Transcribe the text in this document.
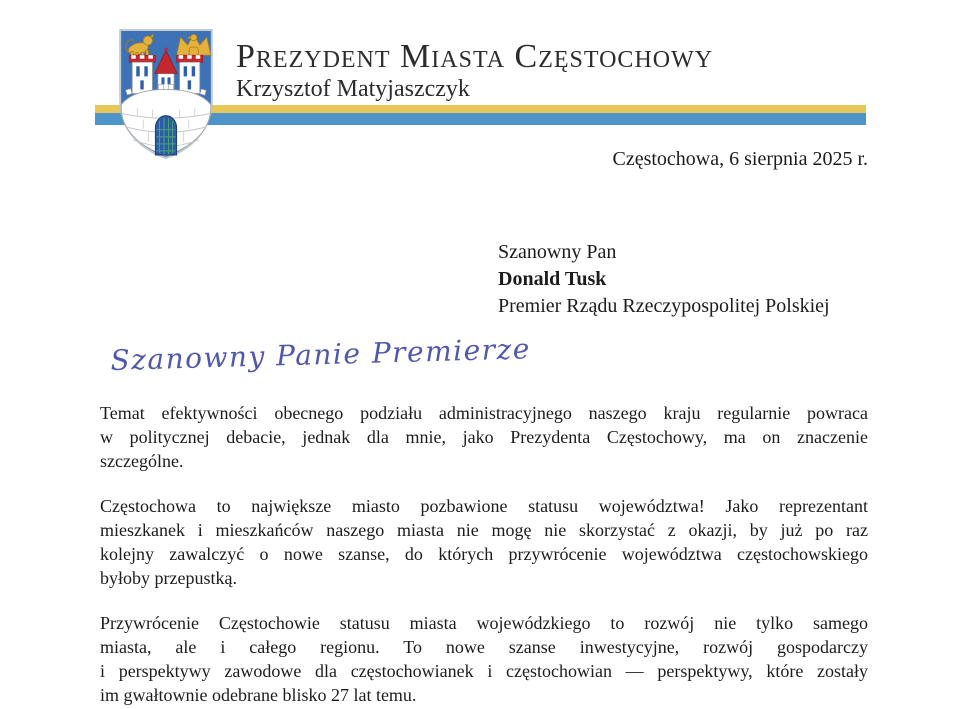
Prezydent Miasta Częstochowy
Krzysztof Matyjaszczyk
Częstochowa, 6 sierpnia 2025 r.
Szanowny Pan
Donald Tusk
Premier Rządu Rzeczypospolitej Polskiej
Szanowny Panie Premierze
Temat efektywności obecnego podziału administracyjnego naszego kraju regularnie powraca
w politycznej debacie, jednak dla mnie, jako Prezydenta Częstochowy, ma on znaczenie
szczególne.
Częstochowa to największe miasto pozbawione statusu województwa! Jako reprezentant
mieszkanek i mieszkańców naszego miasta nie mogę nie skorzystać z okazji, by już po raz
kolejny zawalczyć o nowe szanse, do których przywrócenie województwa częstochowskiego
byłoby przepustką.
Przywrócenie Częstochowie statusu miasta wojewódzkiego to rozwój nie tylko samego
miasta, ale i całego regionu. To nowe szanse inwestycyjne, rozwój gospodarczy
i perspektywy zawodowe dla częstochowianek i częstochowian — perspektywy, które zostały
im gwałtownie odebrane blisko 27 lat temu.
